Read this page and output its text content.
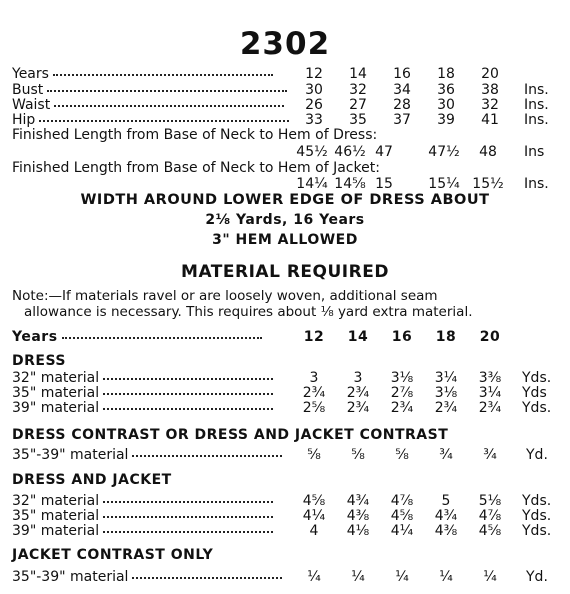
2302
Years	12	14	16	18	20
Bust	30	32	34	36	38	Ins.
Waist	26	27	28	30	32	Ins.
Hip	33	35	37	39	41	Ins.
Finished Length from Base of Neck to Hem of Dress:
45½ 46½ 47	47½	48	Ins
Finished Length from Base of Neck to Hem of Jacket:
14¼ 14⅝ 15	15¼ 15½	Ins.
WIDTH AROUND LOWER EDGE OF DRESS ABOUT
2⅛ Yards, 16 Years
3" HEM ALLOWED
MATERIAL REQUIRED
Note:—If materials ravel or are loosely woven, additional seam
allowance is necessary. This requires about ⅛ yard extra material.
Years	12	14	16	18	20
DRESS
32" material	3	3	3⅛	3¼	3⅜	Yds.
35" material	2¾	2¾	2⅞	3⅛	3¼	Yds
39" material	2⅝	2¾	2¾	2¾	2¾	Yds.
DRESS CONTRAST OR DRESS AND JACKET CONTRAST
35"-39" material	⅝	⅝	⅝	¾	¾	Yd.
DRESS AND JACKET
32" material	4⅝	4¾	4⅞	5	5⅛	Yds.
35" material	4¼	4⅜	4⅝	4¾	4⅞	Yds.
39" material	4	4⅛	4¼	4⅜	4⅝	Yds.
JACKET CONTRAST ONLY
35"-39" material	¼	¼	¼	¼	¼	Yd.
